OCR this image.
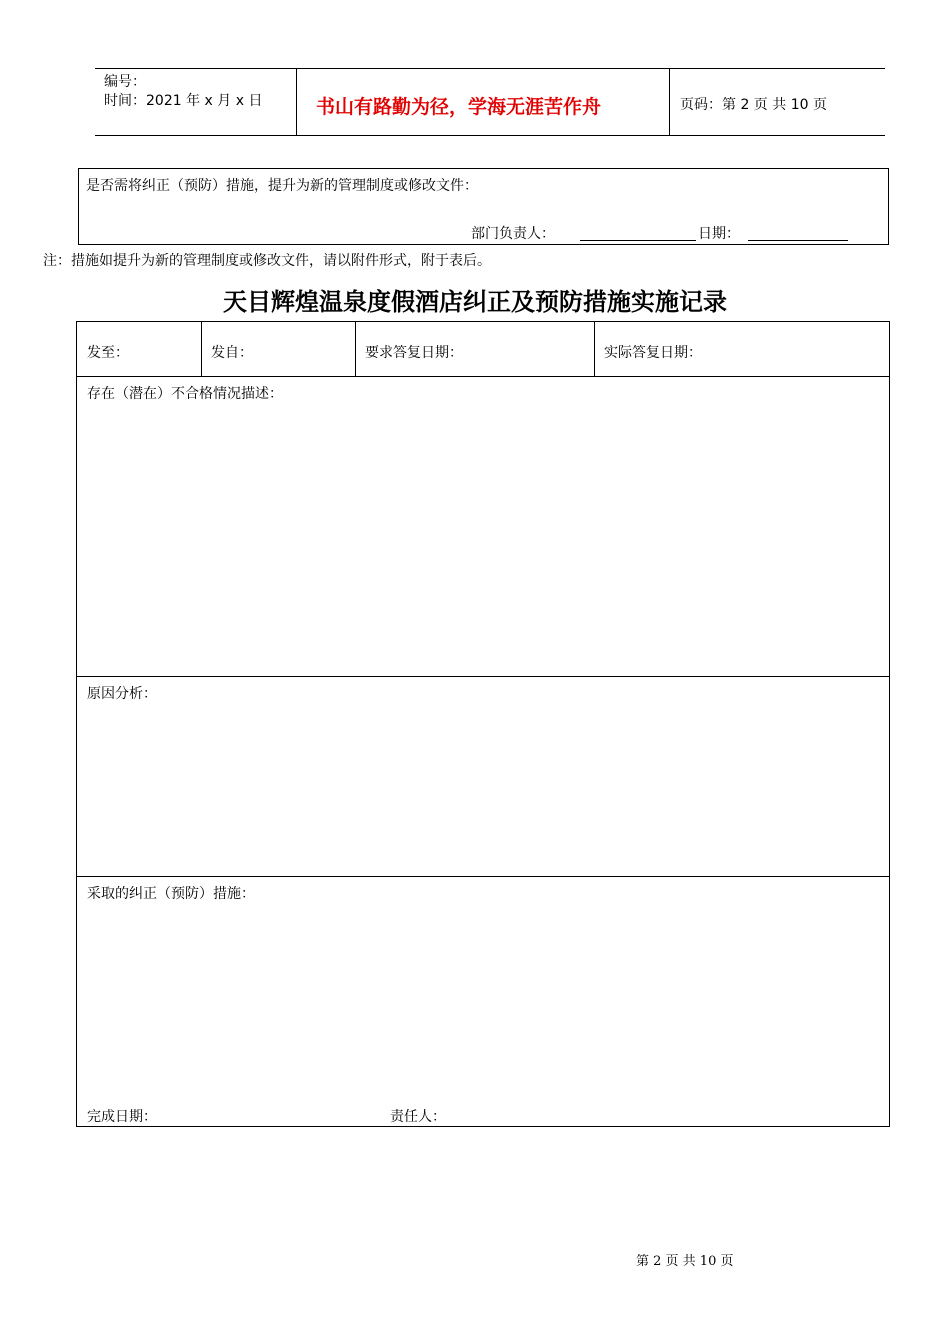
编号：
时间：2021 年 x 月 x 日	书山有路勤为径，学海无涯苦作舟	页码：第 2 页 共 10 页
是否需将纠正（预防）措施，提升为新的管理制度或修改文件：
部门负责人：	日期：
注：措施如提升为新的管理制度或修改文件，请以附件形式，附于表后。
天目辉煌温泉度假酒店纠正及预防措施实施记录
发至：	发自：	要求答复日期：	实际答复日期：
存在（潜在）不合格情况描述：
原因分析：
采取的纠正（预防）措施：
完成日期：	责任人：
第 2 页 共 10 页
